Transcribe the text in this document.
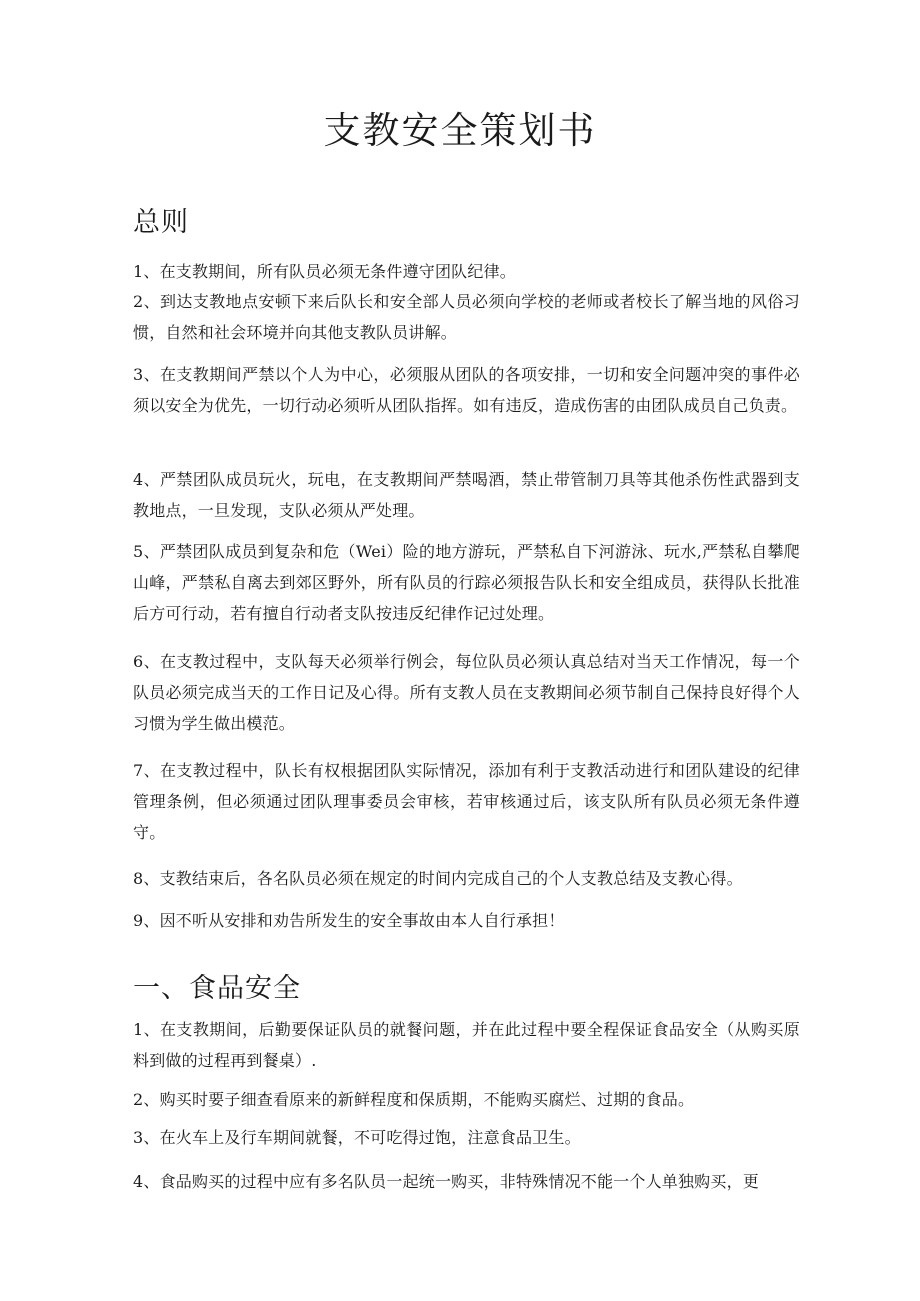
支教安全策划书
总则

1、在支教期间，所有队员必须无条件遵守团队纪律。

2、到达支教地点安顿下来后队长和安全部人员必须向学校的老师或者校长了解当地的风俗习惯，自然和社会环境并向其他支教队员讲解。

3、在支教期间严禁以个人为中心，必须服从团队的各项安排，一切和安全问题冲突的事件必须以安全为优先，一切行动必须听从团队指挥。如有违反，造成伤害的由团队成员自己负责。

4、严禁团队成员玩火，玩电，在支教期间严禁喝酒，禁止带管制刀具等其他杀伤性武器到支教地点，一旦发现，支队必须从严处理。

5、严禁团队成员到复杂和危（Wei）险的地方游玩，严禁私自下河游泳、玩水,严禁私自攀爬山峰，严禁私自离去到郊区野外，所有队员的行踪必须报告队长和安全组成员，获得队长批准后方可行动，若有擅自行动者支队按违反纪律作记过处理。

6、在支教过程中，支队每天必须举行例会，每位队员必须认真总结对当天工作情况，每一个队员必须完成当天的工作日记及心得。所有支教人员在支教期间必须节制自己保持良好得个人习惯为学生做出模范。

7、在支教过程中，队长有权根据团队实际情况，添加有利于支教活动进行和团队建设的纪律管理条例，但必须通过团队理事委员会审核，若审核通过后，该支队所有队员必须无条件遵守。

8、支教结束后，各名队员必须在规定的时间内完成自己的个人支教总结及支教心得。

9、因不听从安排和劝告所发生的安全事故由本人自行承担！

一、食品安全

1、在支教期间，后勤要保证队员的就餐问题，并在此过程中要全程保证食品安全（从购买原料到做的过程再到餐桌）.

2、购买时要子细查看原来的新鲜程度和保质期，不能购买腐烂、过期的食品。

3、在火车上及行车期间就餐，不可吃得过饱，注意食品卫生。

4、食品购买的过程中应有多名队员一起统一购买，非特殊情况不能一个人单独购买，更
